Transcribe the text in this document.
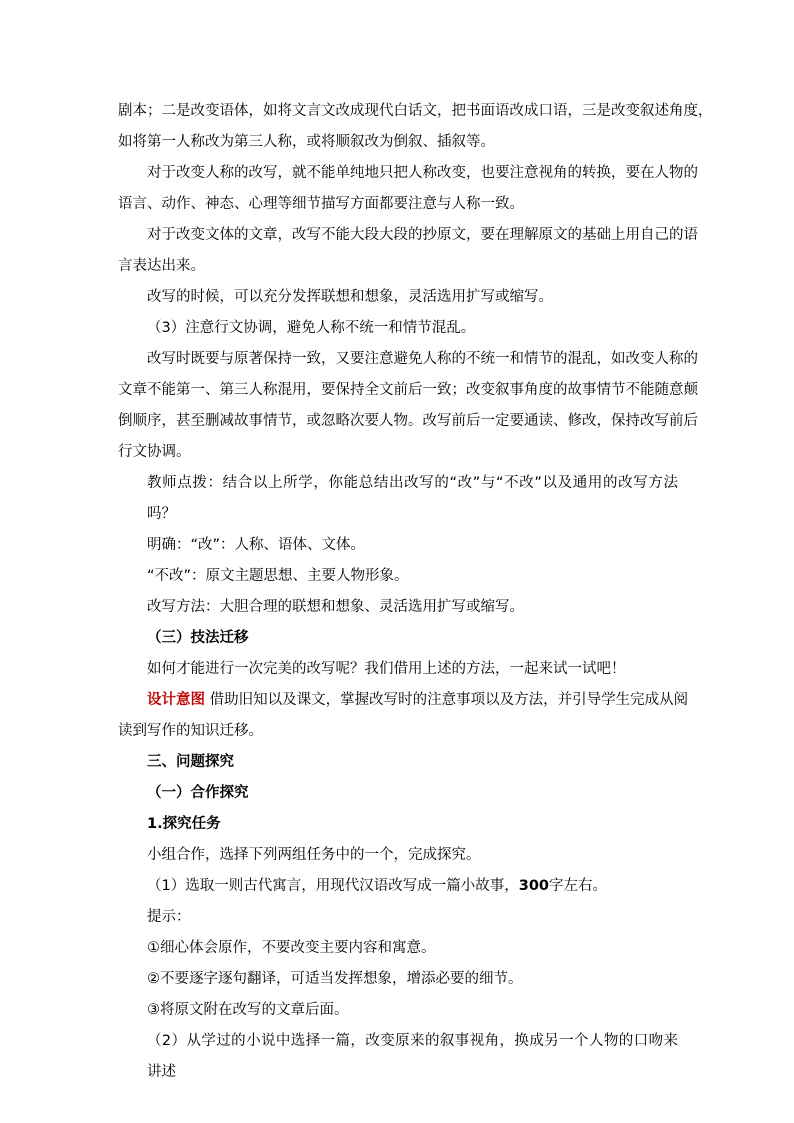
剧本；二是改变语体，如将文言文改成现代白话文，把书面语改成口语，三是改变叙述角度，
如将第一人称改为第三人称，或将顺叙改为倒叙、插叙等。

对于改变人称的改写，就不能单纯地只把人称改变，也要注意视角的转换，要在人物的
语言、动作、神态、心理等细节描写方面都要注意与人称一致。

对于改变文体的文章，改写不能大段大段的抄原文，要在理解原文的基础上用自己的语
言表达出来。

改写的时候，可以充分发挥联想和想象，灵活选用扩写或缩写。

（3）注意行文协调，避免人称不统一和情节混乱。

改写时既要与原著保持一致，又要注意避免人称的不统一和情节的混乱，如改变人称的
文章不能第一、第三人称混用，要保持全文前后一致；改变叙事角度的故事情节不能随意颠
倒顺序，甚至删减故事情节，或忽略次要人物。改写前后一定要通读、修改，保持改写前后
行文协调。

教师点拨：结合以上所学，你能总结出改写的“改”与“不改”以及通用的改写方法吗？

明确：“改”：人称、语体、文体。

“不改”：原文主题思想、主要人物形象。

改写方法：大胆合理的联想和想象、灵活选用扩写或缩写。

（三）技法迁移

如何才能进行一次完美的改写呢？我们借用上述的方法，一起来试一试吧！

设计意图 借助旧知以及课文，掌握改写时的注意事项以及方法，并引导学生完成从阅
读到写作的知识迁移。

三、问题探究

（一）合作探究

1.探究任务

小组合作，选择下列两组任务中的一个，完成探究。

（1）选取一则古代寓言，用现代汉语改写成一篇小故事，300字左右。

提示：

①细心体会原作，不要改变主要内容和寓意。

②不要逐字逐句翻译，可适当发挥想象，增添必要的细节。

③将原文附在改写的文章后面。

（2）从学过的小说中选择一篇，改变原来的叙事视角，换成另一个人物的口吻来讲述
